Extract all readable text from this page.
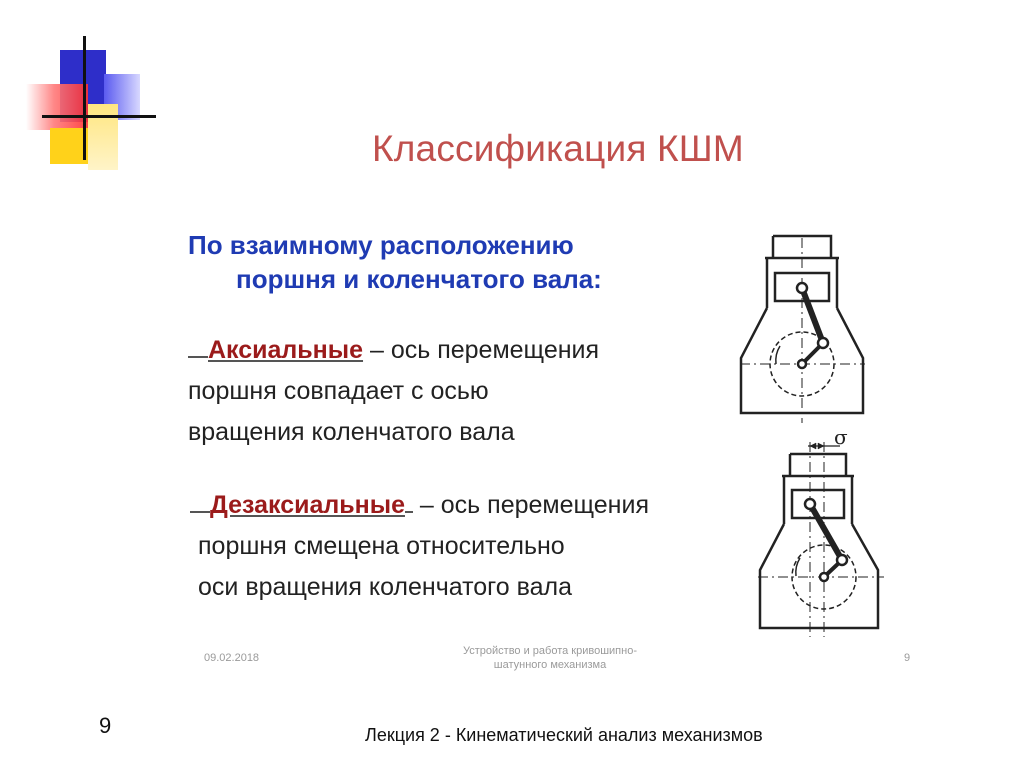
Классификация КШМ
По взаимному расположению
поршня и коленчатого вала:
Аксиальные – ось перемещения
поршня совпадает с осью
вращения коленчатого вала
Дезаксиальные – ось перемещения
поршня смещена относительно
оси вращения коленчатого вала
σ
09.02.2018
Устройство и работа кривошипно-
шатунного механизма
9
9	Лекция 2 - Кинематический анализ механизмов
